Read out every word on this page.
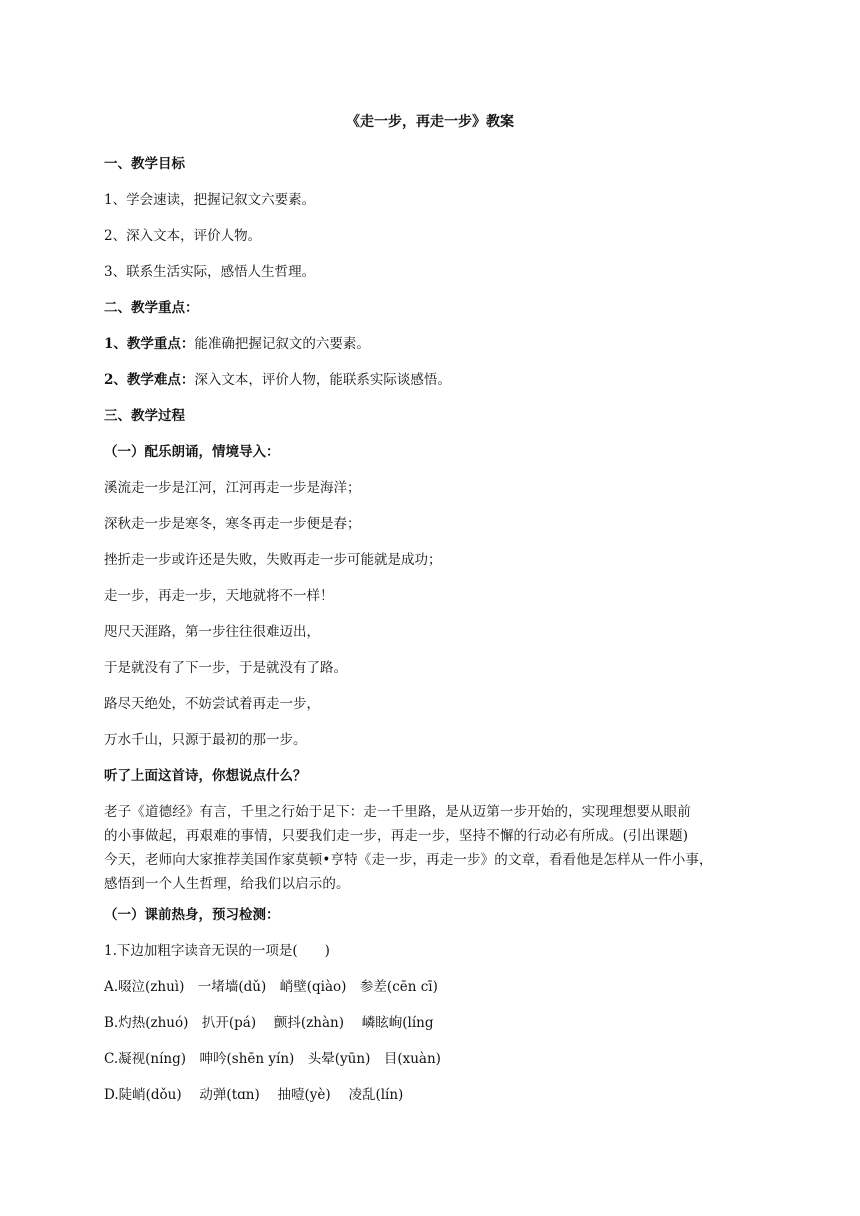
《走一步，再走一步》教案
一、教学目标
1、学会速读，把握记叙文六要素。
2、深入文本，评价人物。
3、联系生活实际，感悟人生哲理。
二、教学重点：
1、教学重点：能准确把握记叙文的六要素。
2、教学难点：深入文本，评价人物，能联系实际谈感悟。
三、教学过程
（一）配乐朗诵，情境导入：
溪流走一步是江河，江河再走一步是海洋；
深秋走一步是寒冬，寒冬再走一步便是春；
挫折走一步或许还是失败，失败再走一步可能就是成功；
走一步，再走一步，天地就将不一样！
咫尺天涯路，第一步往往很难迈出，
于是就没有了下一步，于是就没有了路。
路尽天绝处，不妨尝试着再走一步，
万水千山，只源于最初的那一步。
听了上面这首诗，你想说点什么？
老子《道德经》有言，千里之行始于足下：走一千里路，是从迈第一步开始的，实现理想要从眼前
的小事做起，再艰难的事情，只要我们走一步，再走一步，坚持不懈的行动必有所成。(引出课题)
今天，老师向大家推荐美国作家莫顿•亨特《走一步，再走一步》的文章，看看他是怎样从一件小事，
感悟到一个人生哲理，给我们以启示的。
（一）课前热身，预习检测：
1.下边加粗字读音无误的一项是(　　)
A.啜泣(zhuì)　一堵墙(dǔ)　峭壁(qiào)　参差(cēn cī)
B.灼热(zhuó)　扒开(pá)　 颤抖(zhàn)　 嶙眩峋(líng
C.凝视(níng)　呻吟(shēn yín)　头晕(yūn)　目(xuàn)
D.陡峭(dǒu)　 动弹(tɑn)　 抽噎(yè)　 凌乱(lín)
